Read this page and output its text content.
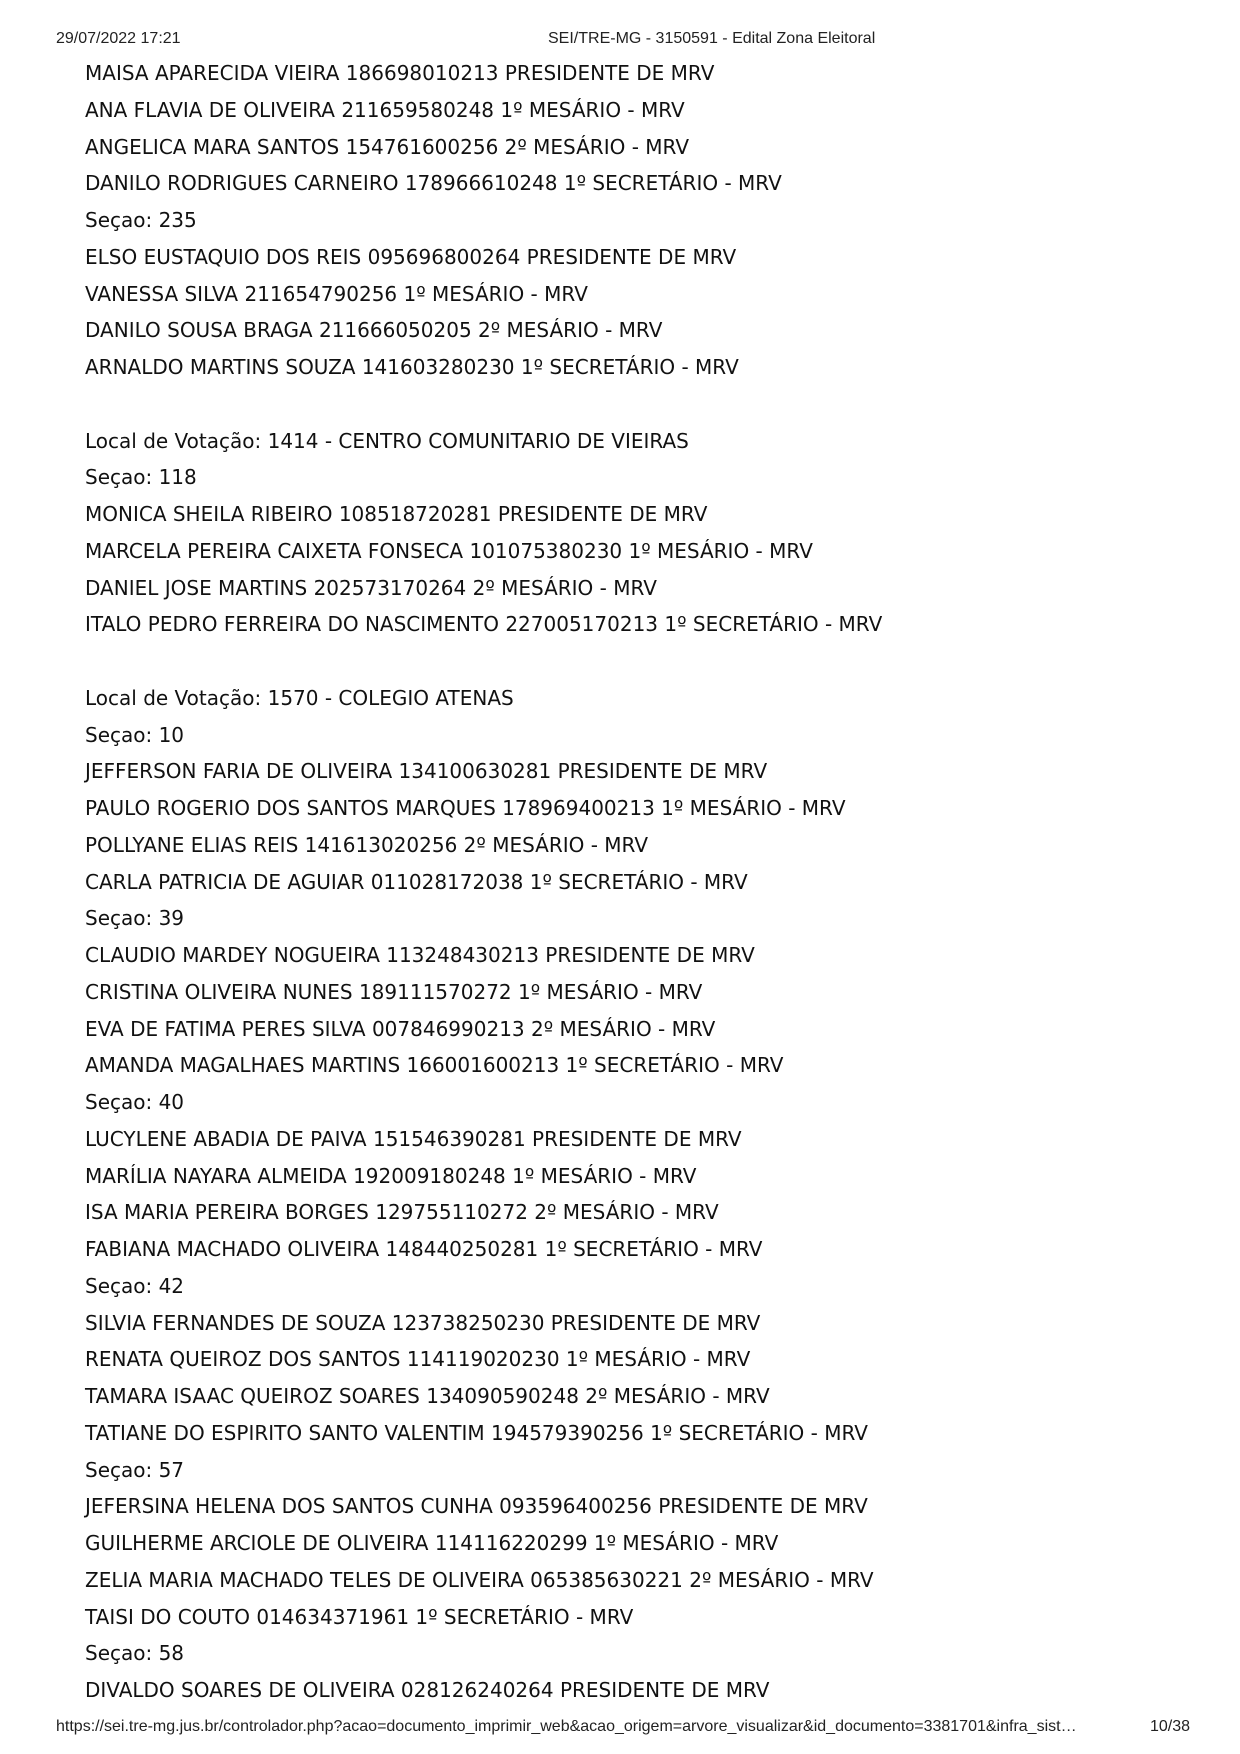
29/07/2022 17:21	SEI/TRE-MG - 3150591 - Edital Zona Eleitoral
MAISA APARECIDA VIEIRA 186698010213 PRESIDENTE DE MRV
ANA FLAVIA DE OLIVEIRA 211659580248 1º MESÁRIO - MRV
ANGELICA MARA SANTOS 154761600256 2º MESÁRIO - MRV
DANILO RODRIGUES CARNEIRO 178966610248 1º SECRETÁRIO - MRV
Seçao: 235
ELSO EUSTAQUIO DOS REIS 095696800264 PRESIDENTE DE MRV
VANESSA SILVA 211654790256 1º MESÁRIO - MRV
DANILO SOUSA BRAGA 211666050205 2º MESÁRIO - MRV
ARNALDO MARTINS SOUZA 141603280230 1º SECRETÁRIO - MRV
Local de Votação: 1414 - CENTRO COMUNITARIO DE VIEIRAS
Seçao: 118
MONICA SHEILA RIBEIRO 108518720281 PRESIDENTE DE MRV
MARCELA PEREIRA CAIXETA FONSECA 101075380230 1º MESÁRIO - MRV
DANIEL JOSE MARTINS 202573170264 2º MESÁRIO - MRV
ITALO PEDRO FERREIRA DO NASCIMENTO 227005170213 1º SECRETÁRIO - MRV
Local de Votação: 1570 - COLEGIO ATENAS
Seçao: 10
JEFFERSON FARIA DE OLIVEIRA 134100630281 PRESIDENTE DE MRV
PAULO ROGERIO DOS SANTOS MARQUES 178969400213 1º MESÁRIO - MRV
POLLYANE ELIAS REIS 141613020256 2º MESÁRIO - MRV
CARLA PATRICIA DE AGUIAR 011028172038 1º SECRETÁRIO - MRV
Seçao: 39
CLAUDIO MARDEY NOGUEIRA 113248430213 PRESIDENTE DE MRV
CRISTINA OLIVEIRA NUNES 189111570272 1º MESÁRIO - MRV
EVA DE FATIMA PERES SILVA 007846990213 2º MESÁRIO - MRV
AMANDA MAGALHAES MARTINS 166001600213 1º SECRETÁRIO - MRV
Seçao: 40
LUCYLENE ABADIA DE PAIVA 151546390281 PRESIDENTE DE MRV
MARÍLIA NAYARA ALMEIDA 192009180248 1º MESÁRIO - MRV
ISA MARIA PEREIRA BORGES 129755110272 2º MESÁRIO - MRV
FABIANA MACHADO OLIVEIRA 148440250281 1º SECRETÁRIO - MRV
Seçao: 42
SILVIA FERNANDES DE SOUZA 123738250230 PRESIDENTE DE MRV
RENATA QUEIROZ DOS SANTOS 114119020230 1º MESÁRIO - MRV
TAMARA ISAAC QUEIROZ SOARES 134090590248 2º MESÁRIO - MRV
TATIANE DO ESPIRITO SANTO VALENTIM 194579390256 1º SECRETÁRIO - MRV
Seçao: 57
JEFERSINA HELENA DOS SANTOS CUNHA 093596400256 PRESIDENTE DE MRV
GUILHERME ARCIOLE DE OLIVEIRA 114116220299 1º MESÁRIO - MRV
ZELIA MARIA MACHADO TELES DE OLIVEIRA 065385630221 2º MESÁRIO - MRV
TAISI DO COUTO 014634371961 1º SECRETÁRIO - MRV
Seçao: 58
DIVALDO SOARES DE OLIVEIRA 028126240264 PRESIDENTE DE MRV
https://sei.tre-mg.jus.br/controlador.php?acao=documento_imprimir_web&acao_origem=arvore_visualizar&id_documento=3381701&infra_sist…	10/38
